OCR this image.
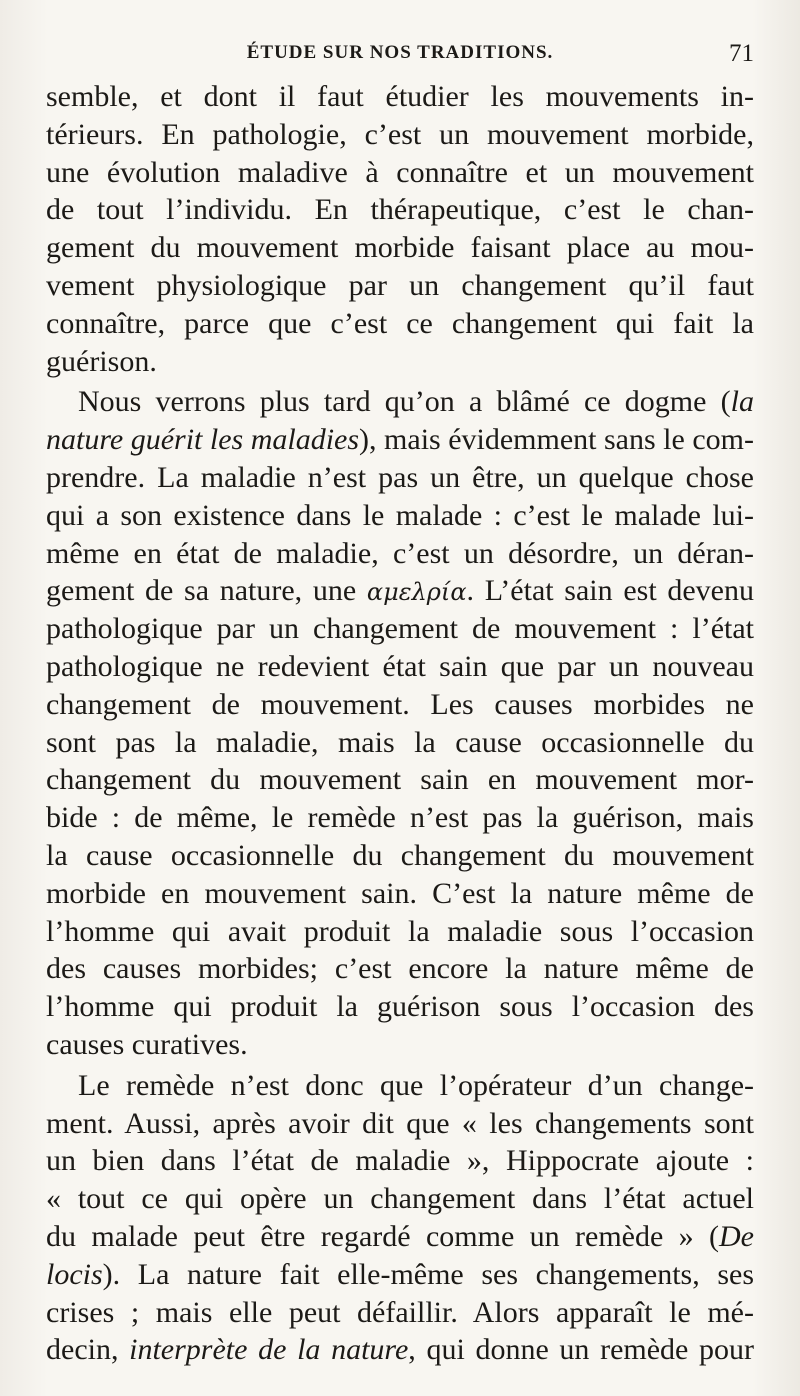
ÉTUDE SUR NOS TRADITIONS.	71
semble, et dont il faut étudier les mouvements in-
térieurs. En pathologie, c’est un mouvement morbide,
une évolution maladive à connaître et un mouvement
de tout l’individu. En thérapeutique, c’est le chan-
gement du mouvement morbide faisant place au mou-
vement physiologique par un changement qu’il faut
connaître, parce que c’est ce changement qui fait la
guérison.
Nous verrons plus tard qu’on a blâmé ce dogme (la
nature guérit les maladies), mais évidemment sans le com-
prendre. La maladie n’est pas un être, un quelque chose
qui a son existence dans le malade : c’est le malade lui-
même en état de maladie, c’est un désordre, un déran-
gement de sa nature, une αμελρία. L’état sain est devenu
pathologique par un changement de mouvement : l’état
pathologique ne redevient état sain que par un nouveau
changement de mouvement. Les causes morbides ne
sont pas la maladie, mais la cause occasionnelle du
changement du mouvement sain en mouvement mor-
bide : de même, le remède n’est pas la guérison, mais
la cause occasionnelle du changement du mouvement
morbide en mouvement sain. C’est la nature même de
l’homme qui avait produit la maladie sous l’occasion
des causes morbides; c’est encore la nature même de
l’homme qui produit la guérison sous l’occasion des
causes curatives.
Le remède n’est donc que l’opérateur d’un change-
ment. Aussi, après avoir dit que « les changements sont
un bien dans l’état de maladie », Hippocrate ajoute :
« tout ce qui opère un changement dans l’état actuel
du malade peut être regardé comme un remède » (De
locis). La nature fait elle-même ses changements, ses
crises ; mais elle peut défaillir. Alors apparaît le mé-
decin, interprète de la nature, qui donne un remède pour
